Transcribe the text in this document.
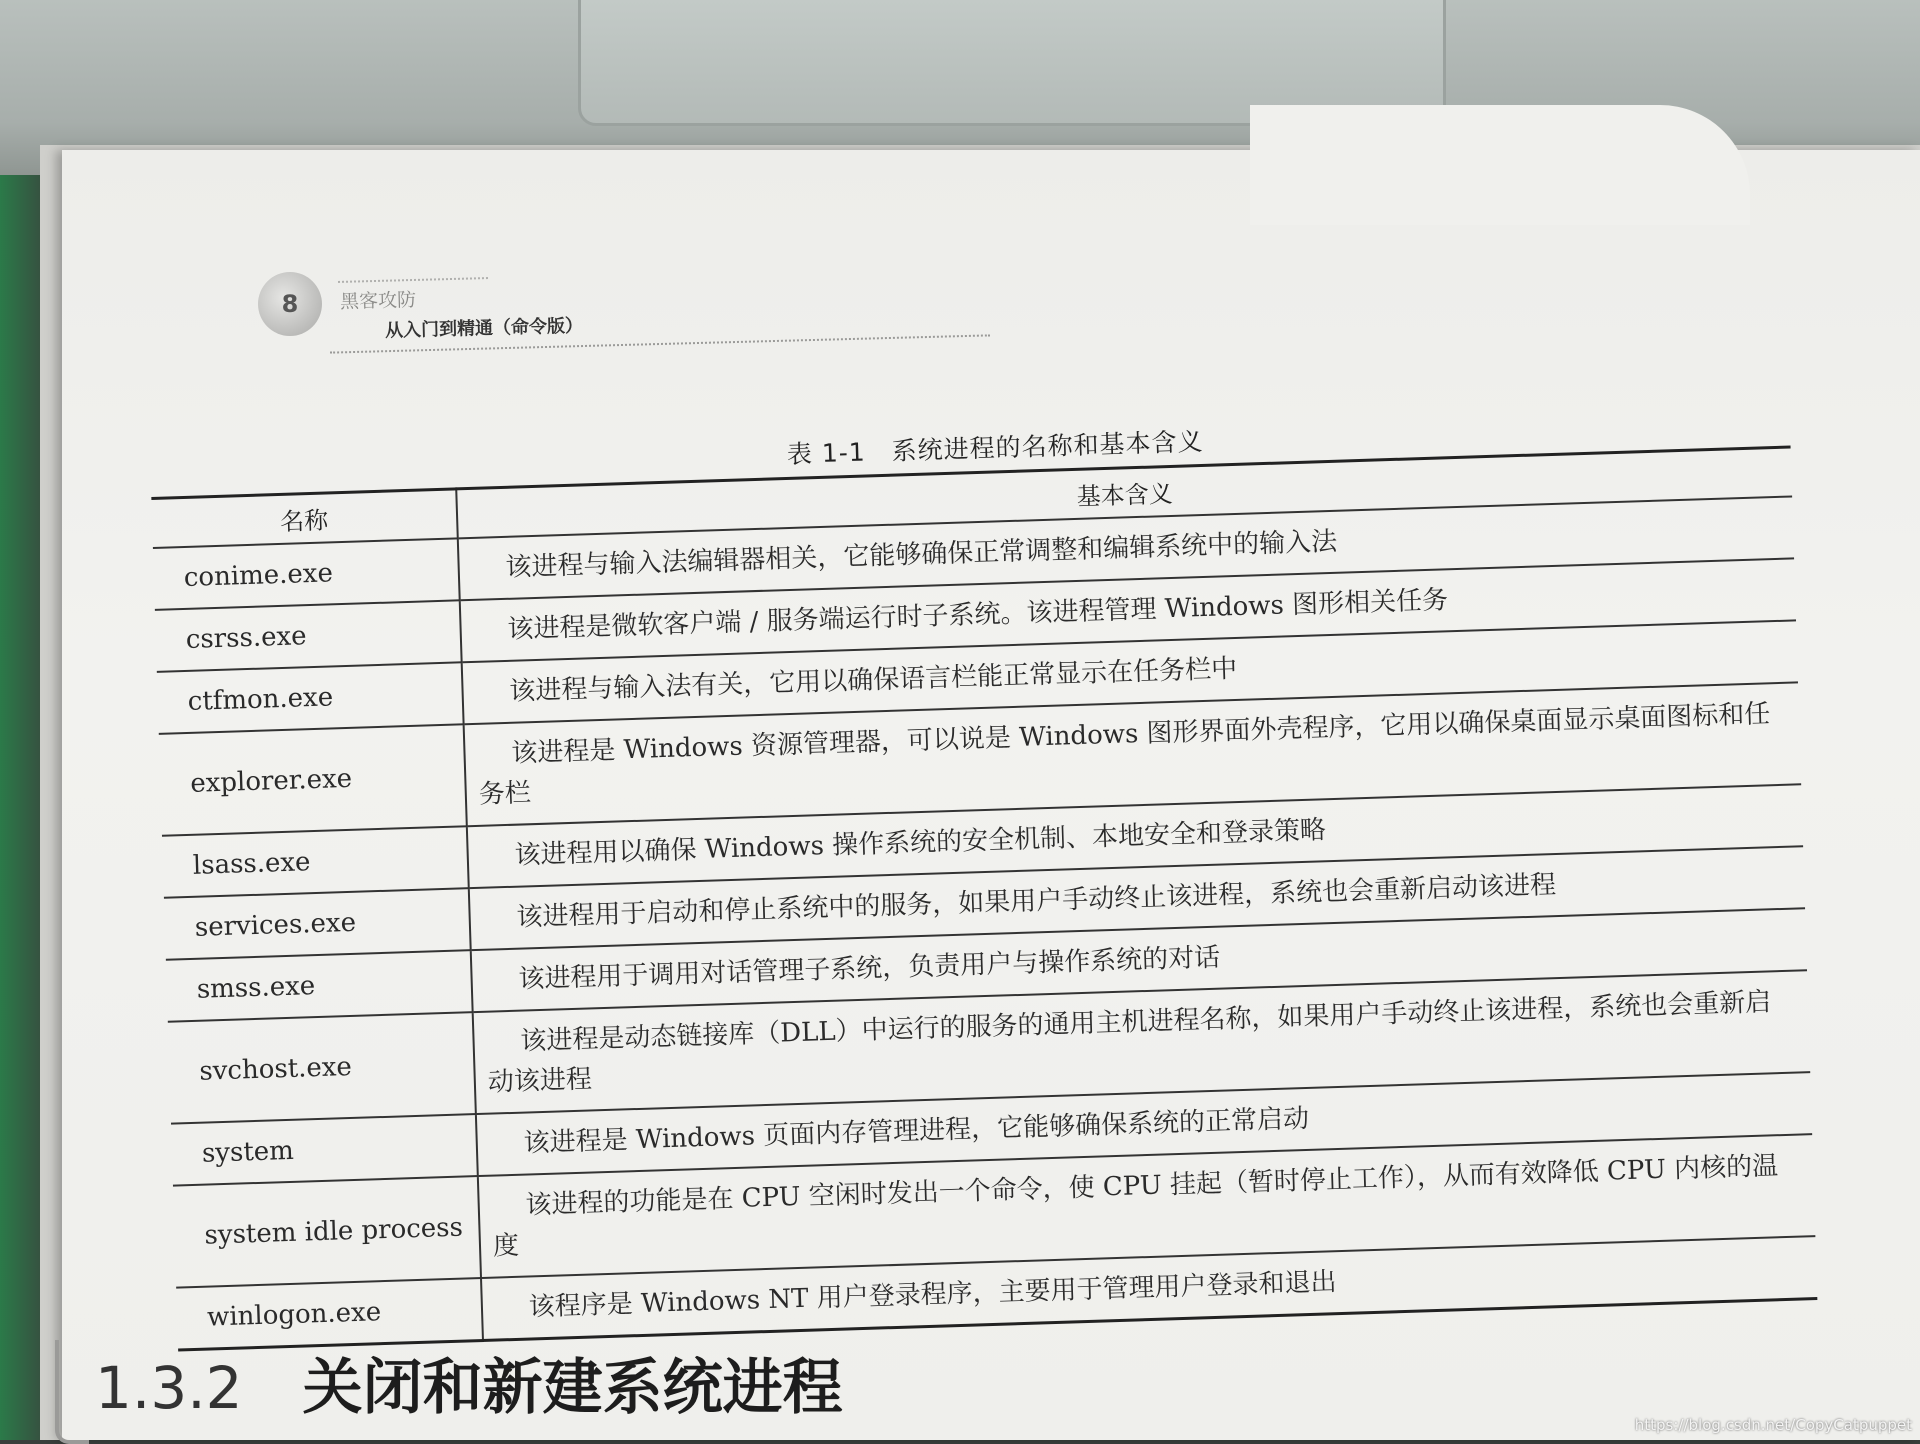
8	黑客攻防
从入门到精通（命令版）
表 1-1　系统进程的名称和基本含义
名称	基本含义
conime.exe	该进程与输入法编辑器相关，它能够确保正常调整和编辑系统中的输入法
csrss.exe	该进程是微软客户端 / 服务端运行时子系统。该进程管理 Windows 图形相关任务
ctfmon.exe	该进程与输入法有关，它用以确保语言栏能正常显示在任务栏中
explorer.exe	该进程是 Windows 资源管理器，可以说是 Windows 图形界面外壳程序，它用以确保桌面显示桌面图标和任务栏
lsass.exe	该进程用以确保 Windows 操作系统的安全机制、本地安全和登录策略
services.exe	该进程用于启动和停止系统中的服务，如果用户手动终止该进程，系统也会重新启动该进程
smss.exe	该进程用于调用对话管理子系统，负责用户与操作系统的对话
svchost.exe	该进程是动态链接库（DLL）中运行的服务的通用主机进程名称，如果用户手动终止该进程，系统也会重新启动该进程
system	该进程是 Windows 页面内存管理进程，它能够确保系统的正常启动
system idle process	该进程的功能是在 CPU 空闲时发出一个命令，使 CPU 挂起（暂时停止工作），从而有效降低 CPU 内核的温度
winlogon.exe	该程序是 Windows NT 用户登录程序，主要用于管理用户登录和退出
1.3.2 关闭和新建系统进程
https://blog.csdn.net/CopyCatpuppet
